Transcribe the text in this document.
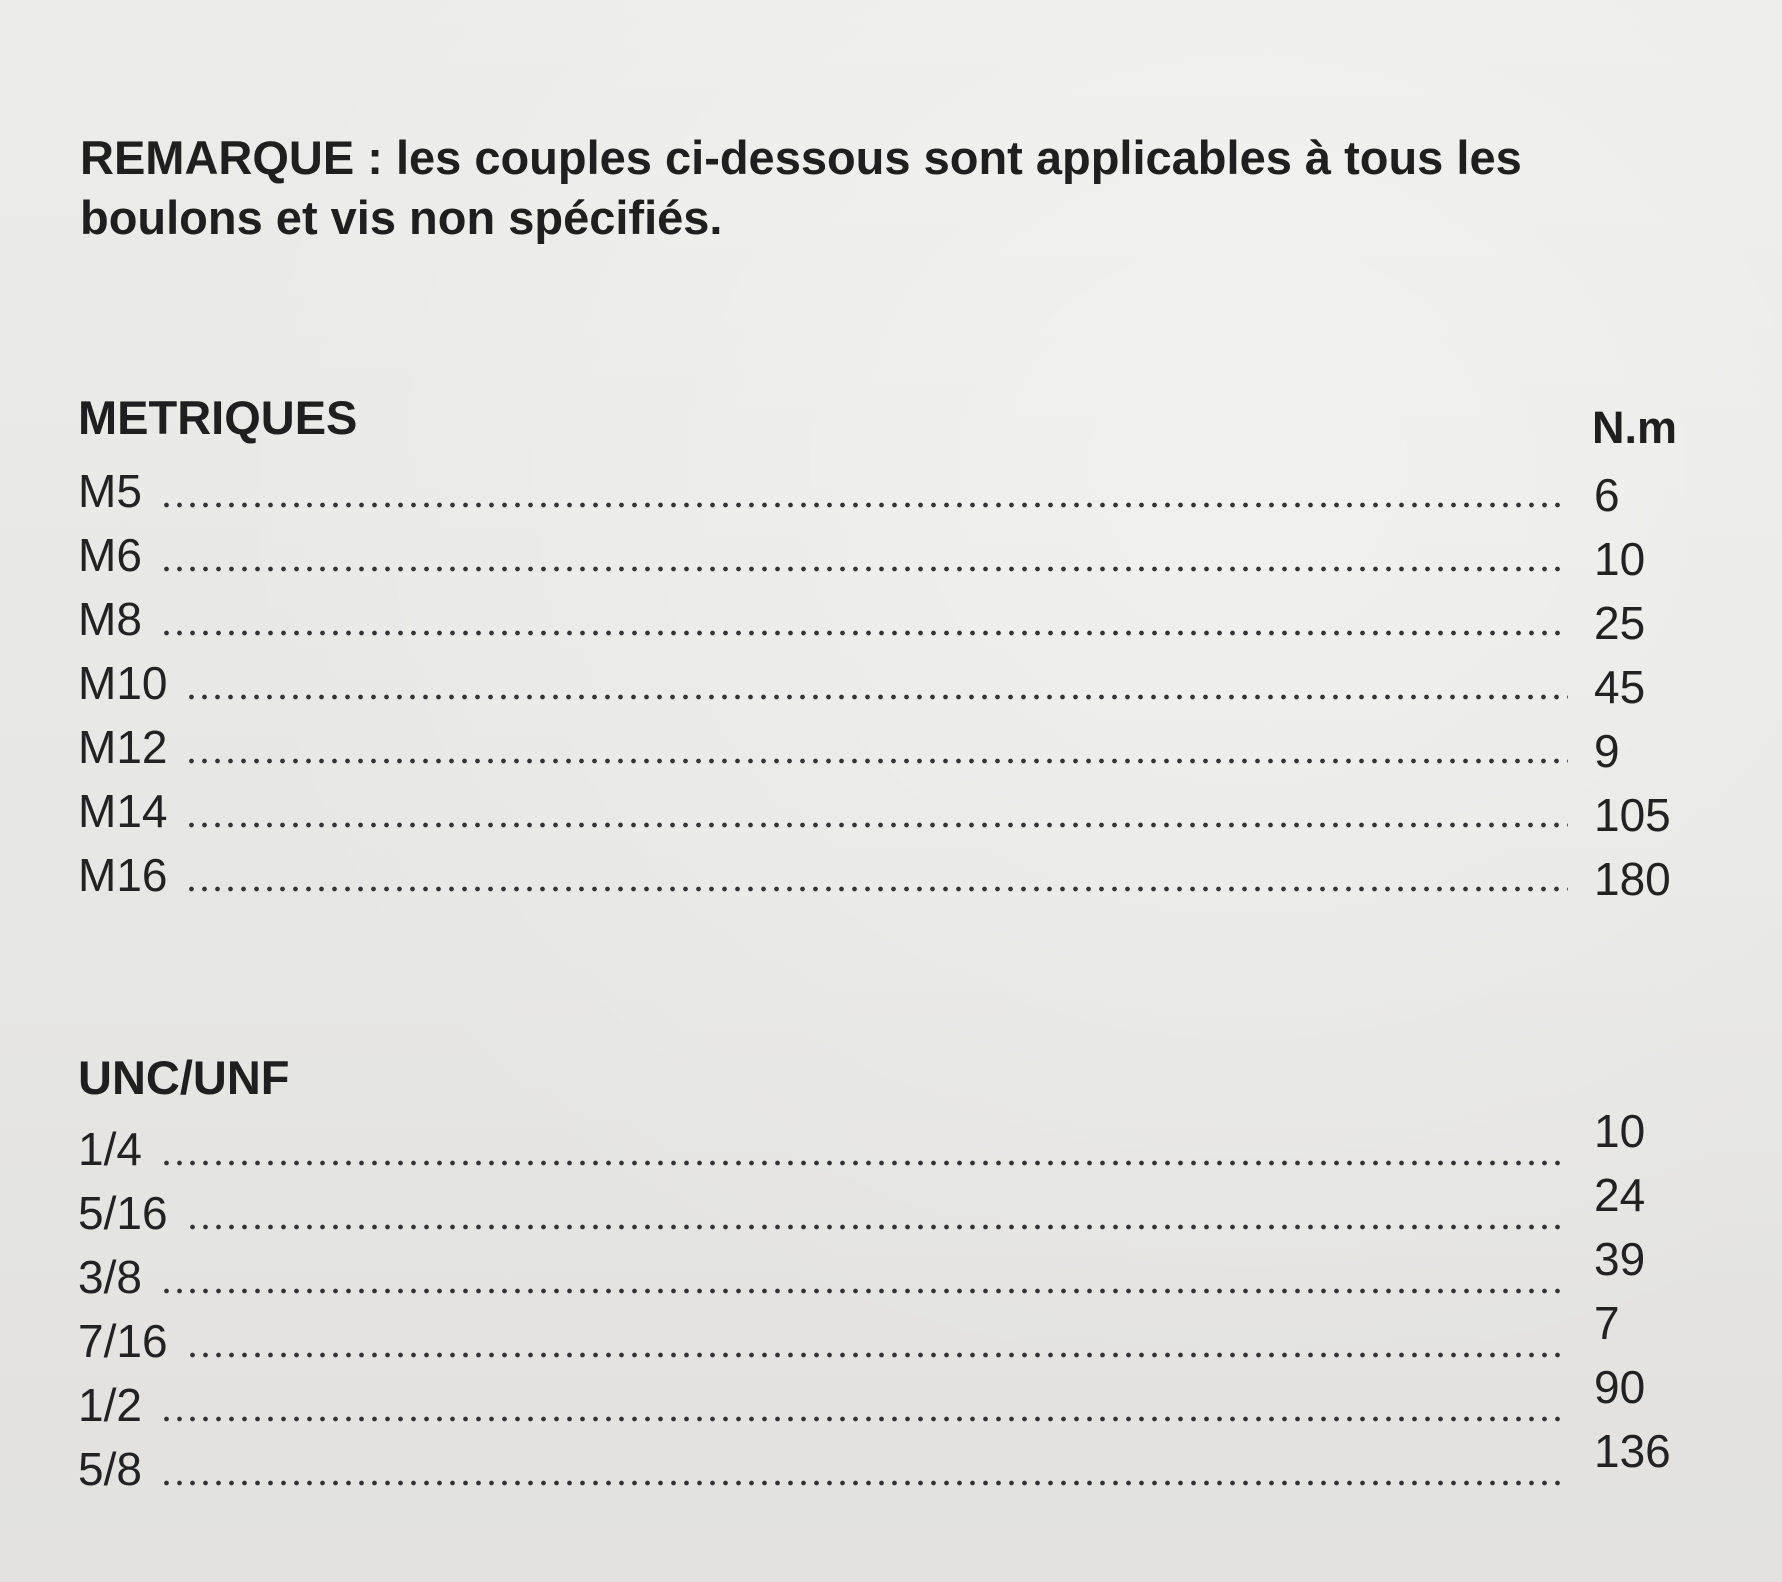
REMARQUE : les couples ci-dessous sont applicables à tous les boulons et vis non spécifiés.

METRIQUES	N.m
M5	6
M6	10
M8	25
M10	45
M12	9
M14	105
M16	180
UNC/UNF
1/4	10
5/16	24
3/8	39
7/16	7
1/2	90
5/8	136
